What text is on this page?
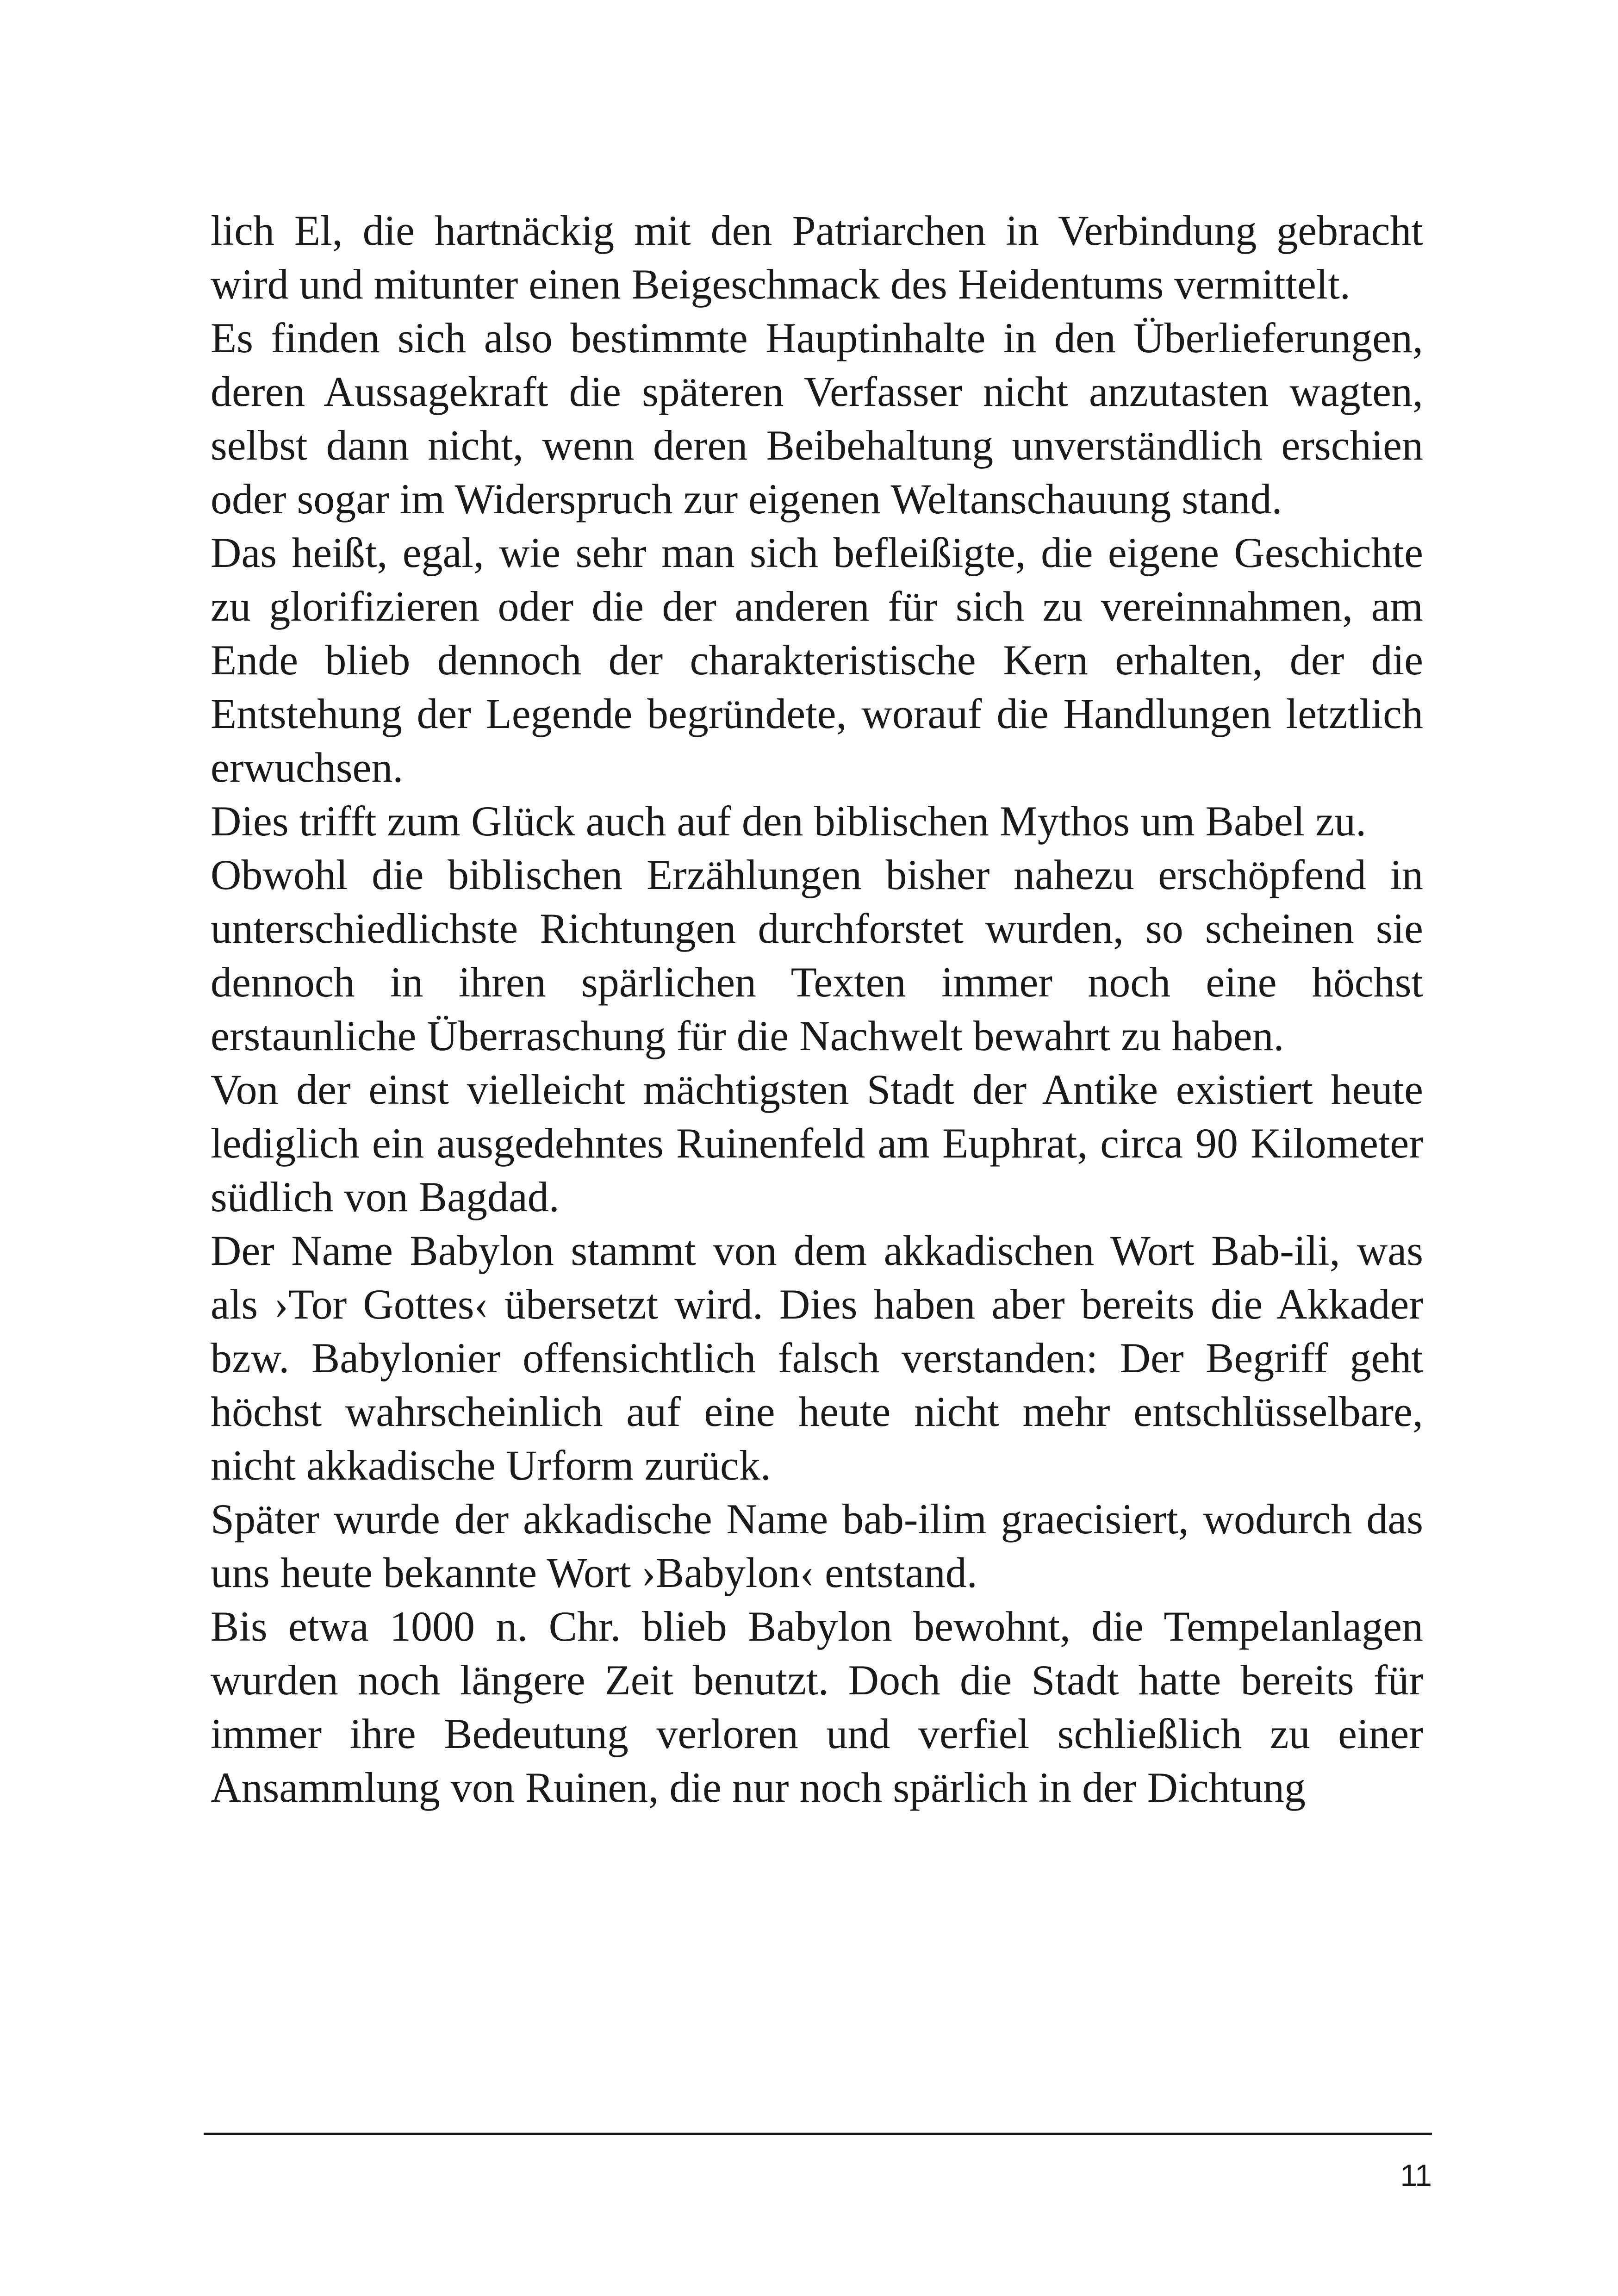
lich El, die hartnäckig mit den Patriarchen in Verbindung gebracht wird und mitunter einen Beigeschmack des Heidentums vermittelt.

Es finden sich also bestimmte Hauptinhalte in den Überlieferungen, deren Aussagekraft die späteren Verfasser nicht anzutasten wagten, selbst dann nicht, wenn deren Beibehaltung unverständlich erschien oder sogar im Widerspruch zur eigenen Weltanschauung stand.

Das heißt, egal, wie sehr man sich befleißigte, die eigene Geschichte zu glorifizieren oder die der anderen für sich zu vereinnahmen, am Ende blieb dennoch der charakteristische Kern erhalten, der die Entstehung der Legende begründete, worauf die Handlungen letztlich erwuchsen.

Dies trifft zum Glück auch auf den biblischen Mythos um Babel zu.

Obwohl die biblischen Erzählungen bisher nahezu erschöpfend in unterschiedlichste Richtungen durchforstet wurden, so scheinen sie dennoch in ihren spärlichen Texten immer noch eine höchst erstaunliche Überraschung für die Nachwelt bewahrt zu haben.

Von der einst vielleicht mächtigsten Stadt der Antike existiert heute lediglich ein ausgedehntes Ruinenfeld am Euphrat, circa 90 Kilometer südlich von Bagdad.

Der Name Babylon stammt von dem akkadischen Wort Bab-ili, was als ›Tor Gottes‹ übersetzt wird. Dies haben aber bereits die Akkader bzw. Babylonier offensichtlich falsch verstanden: Der Begriff geht höchst wahrscheinlich auf eine heute nicht mehr entschlüsselbare, nicht akkadische Urform zurück.

Später wurde der akkadische Name bab-ilim graecisiert, wodurch das uns heute bekannte Wort ›Babylon‹ entstand.

Bis etwa 1000 n. Chr. blieb Babylon bewohnt, die Tempelanlagen wurden noch längere Zeit benutzt. Doch die Stadt hatte bereits für immer ihre Bedeutung verloren und verfiel schließlich zu einer Ansammlung von Ruinen, die nur noch spärlich in der Dichtung

11
